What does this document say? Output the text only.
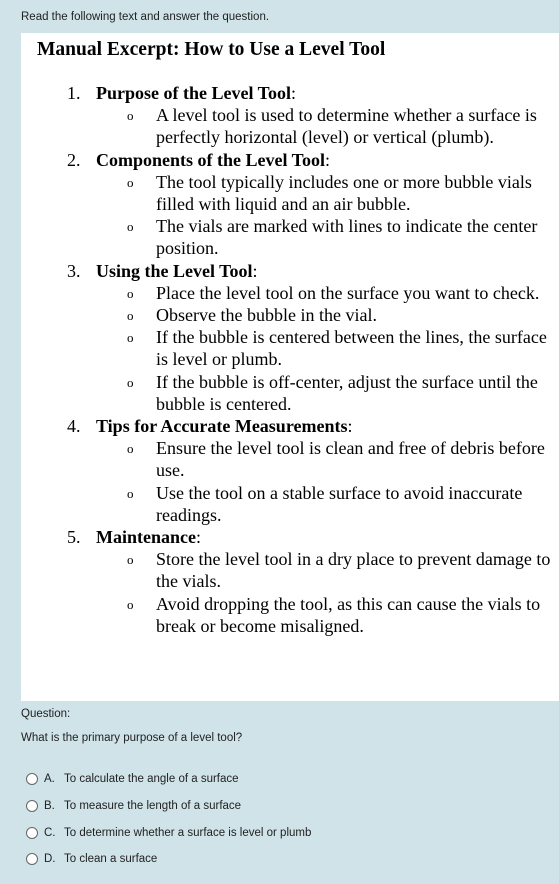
Read the following text and answer the question.
Manual Excerpt: How to Use a Level Tool
1. Purpose of the Level Tool:
o A level tool is used to determine whether a surface is perfectly horizontal (level) or vertical (plumb).
2. Components of the Level Tool:
o The tool typically includes one or more bubble vials filled with liquid and an air bubble.
o The vials are marked with lines to indicate the center position.
3. Using the Level Tool:
o Place the level tool on the surface you want to check.
o Observe the bubble in the vial.
o If the bubble is centered between the lines, the surface is level or plumb.
o If the bubble is off-center, adjust the surface until the bubble is centered.
4. Tips for Accurate Measurements:
o Ensure the level tool is clean and free of debris before use.
o Use the tool on a stable surface to avoid inaccurate readings.
5. Maintenance:
o Store the level tool in a dry place to prevent damage to the vials.
o Avoid dropping the tool, as this can cause the vials to break or become misaligned.
Question:
What is the primary purpose of a level tool?
A. To calculate the angle of a surface
B. To measure the length of a surface
C. To determine whether a surface is level or plumb
D. To clean a surface
